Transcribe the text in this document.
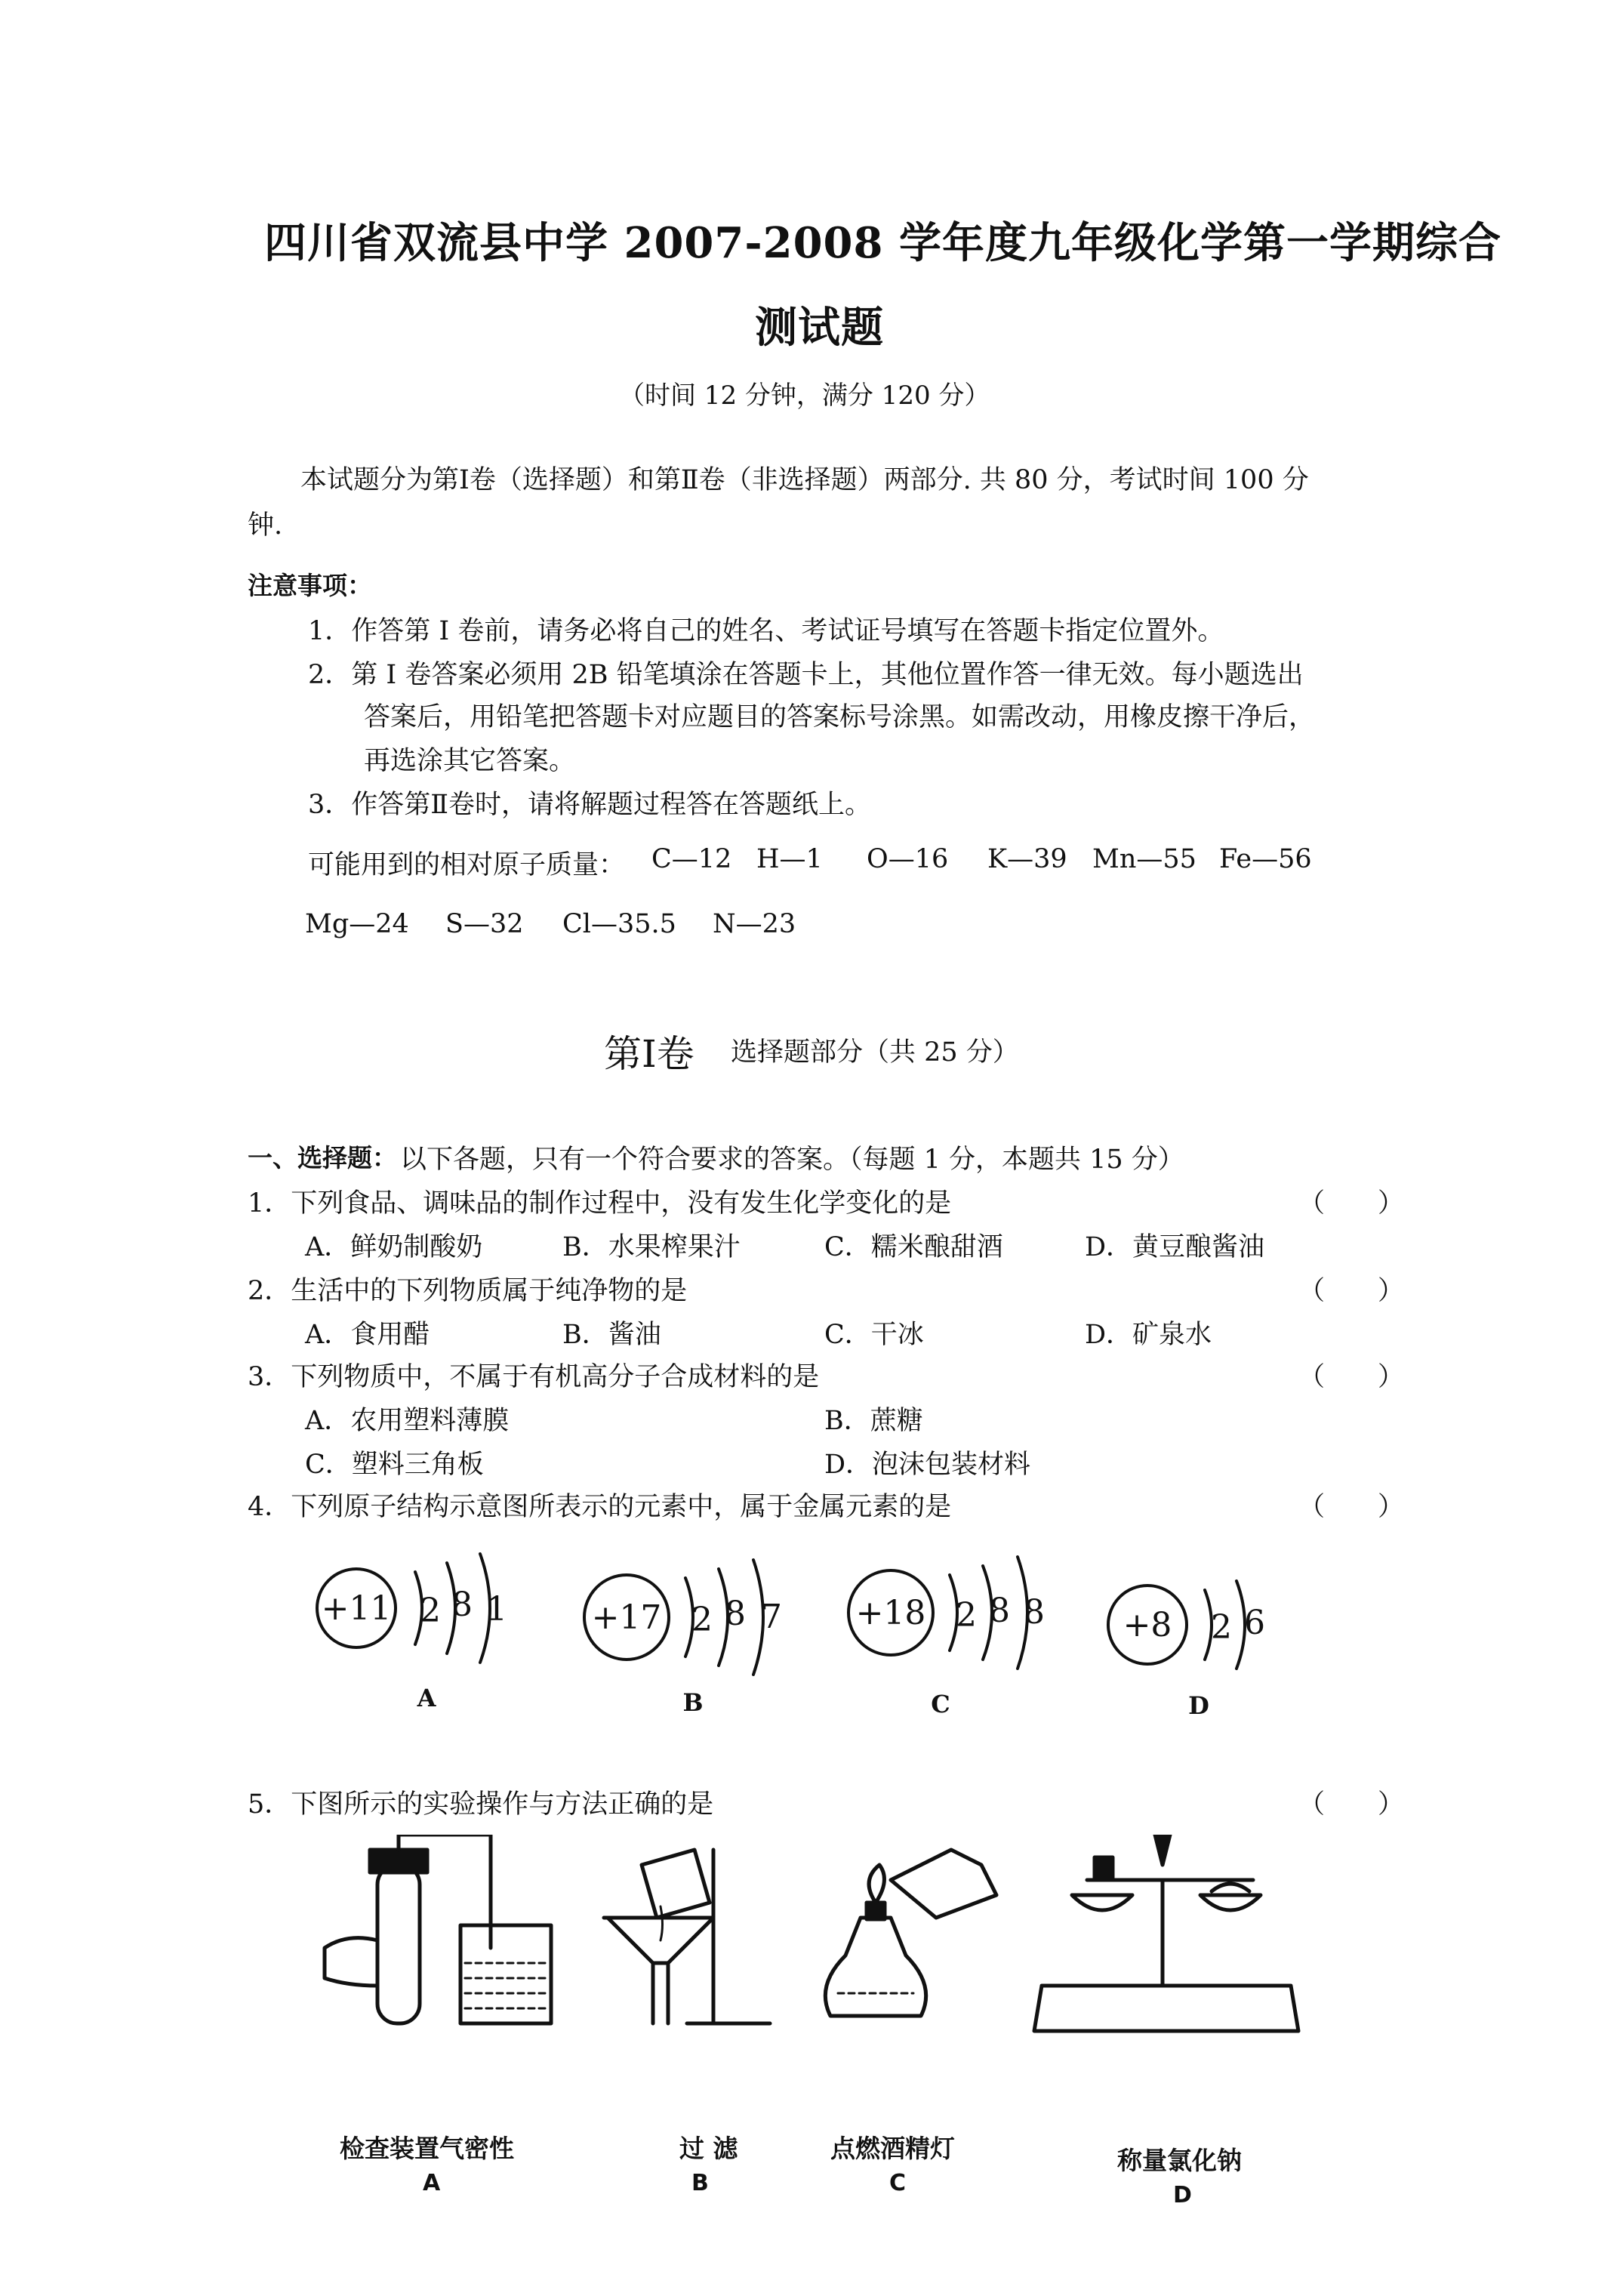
四川省双流县中学 2007-2008 学年度九年级化学第一学期综合
测试题
（时间 12 分钟，满分 120 分）
本试题分为第Ⅰ卷（选择题）和第Ⅱ卷（非选择题）两部分. 共 80 分，考试时间 100 分
钟.
注意事项：
1．作答第 I 卷前，请务必将自己的姓名、考试证号填写在答题卡指定位置外。
2．第 I 卷答案必须用 2B 铅笔填涂在答题卡上，其他位置作答一律无效。每小题选出
答案后，用铅笔把答题卡对应题目的答案标号涂黑。如需改动，用橡皮擦干净后，
再选涂其它答案。
3．作答第Ⅱ卷时，请将解题过程答在答题纸上。
可能用到的相对原子质量： C—12 H—1 O—16 K—39 Mn—55 Fe—56
Mg—24 S—32 Cl—35.5 N—23
第Ⅰ卷 选择题部分（共 25 分）
一、选择题： 以下各题，只有一个符合要求的答案。（每题 1 分，本题共 15 分）
1．下列食品、调味品的制作过程中，没有发生化学变化的是	（　　）
A．鲜奶制酸奶	B．水果榨果汁	C．糯米酿甜酒	D．黄豆酿酱油
2．生活中的下列物质属于纯净物的是	（　　）
A．食用醋	B．酱油	C．干冰	D．矿泉水
3．下列物质中，不属于有机高分子合成材料的是	（　　）
A．农用塑料薄膜	B．蔗糖
C．塑料三角板	D．泡沫包装材料
4．下列原子结构示意图所表示的元素中，属于金属元素的是	（　　）
+11 2 8 1	+17 2 8 7 +18 2 8 8 +8 2 6
A	B	C	D
5．下图所示的实验操作与方法正确的是	（　　）
检查装置气密性
A
过 滤
B
点燃酒精灯
C
称量氯化钠
D
